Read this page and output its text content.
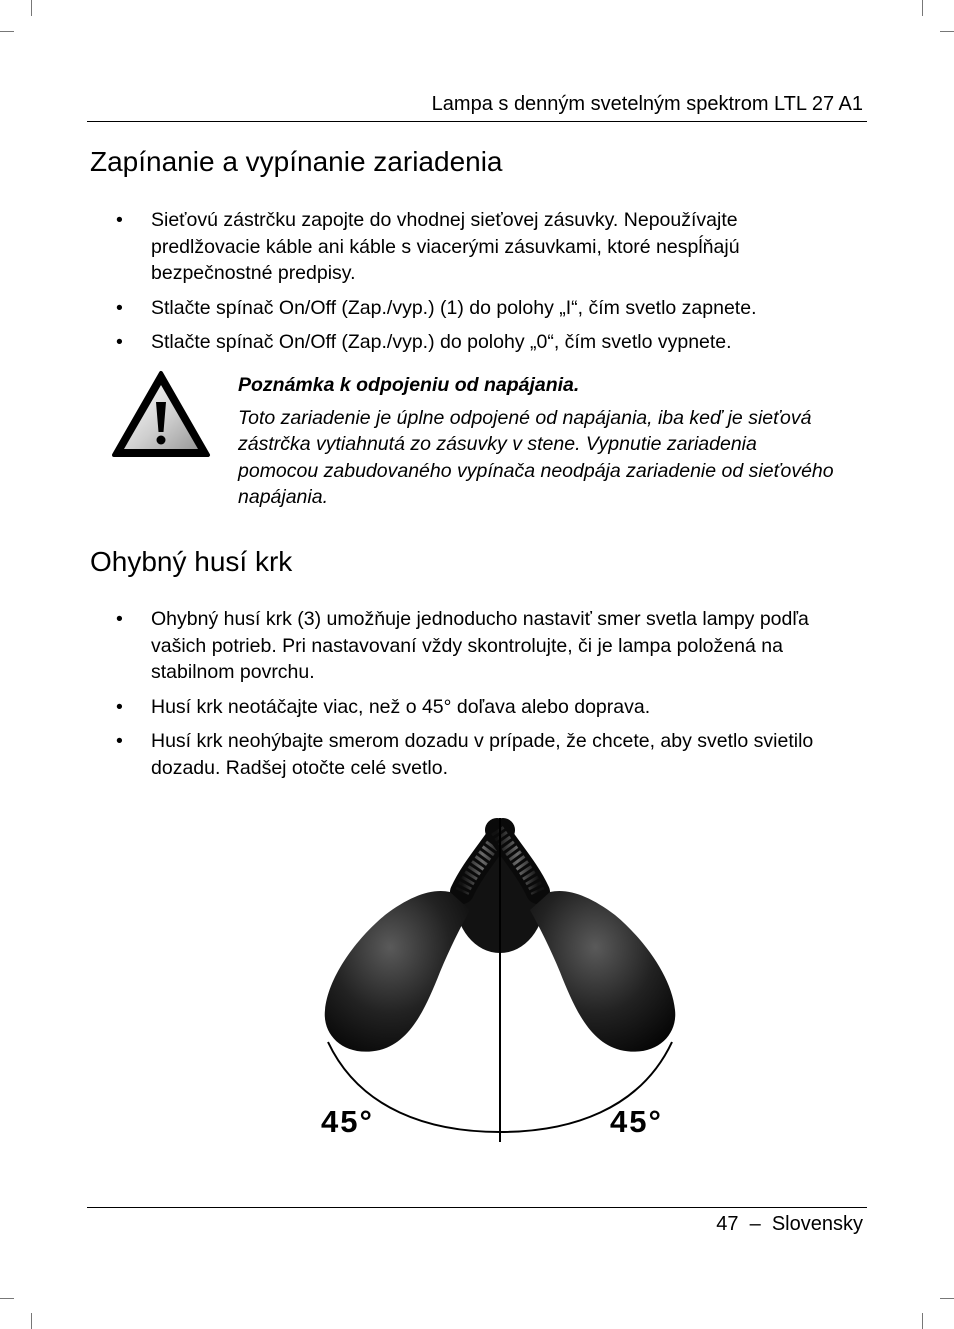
Lampa s denným svetelným spektrom LTL 27 A1
Zapínanie a vypínanie zariadenia
• Sieťovú zástrčku zapojte do vhodnej sieťovej zásuvky. Nepoužívajte predlžovacie káble ani káble s viacerými zásuvkami, ktoré nespĺňajú bezpečnostné predpisy.
• Stlačte spínač On/Off (Zap./vyp.) (1) do polohy „I“, čím svetlo zapnete.
• Stlačte spínač On/Off (Zap./vyp.) do polohy „0“, čím svetlo vypnete.
Poznámka k odpojeniu od napájania.
Toto zariadenie je úplne odpojené od napájania, iba keď je sieťová zástrčka vytiahnutá zo zásuvky v stene. Vypnutie zariadenia pomocou zabudovaného vypínača neodpája zariadenie od sieťového napájania.
Ohybný husí krk
• Ohybný husí krk (3) umožňuje jednoducho nastaviť smer svetla lampy podľa vašich potrieb. Pri nastavovaní vždy skontrolujte, či je lampa položená na stabilnom povrchu.
• Husí krk neotáčajte viac, než o 45° doľava alebo doprava.
• Husí krk neohýbajte smerom dozadu v prípade, že chcete, aby svetlo svietilo dozadu. Radšej otočte celé svetlo.
45°	45°
47  –  Slovensky
